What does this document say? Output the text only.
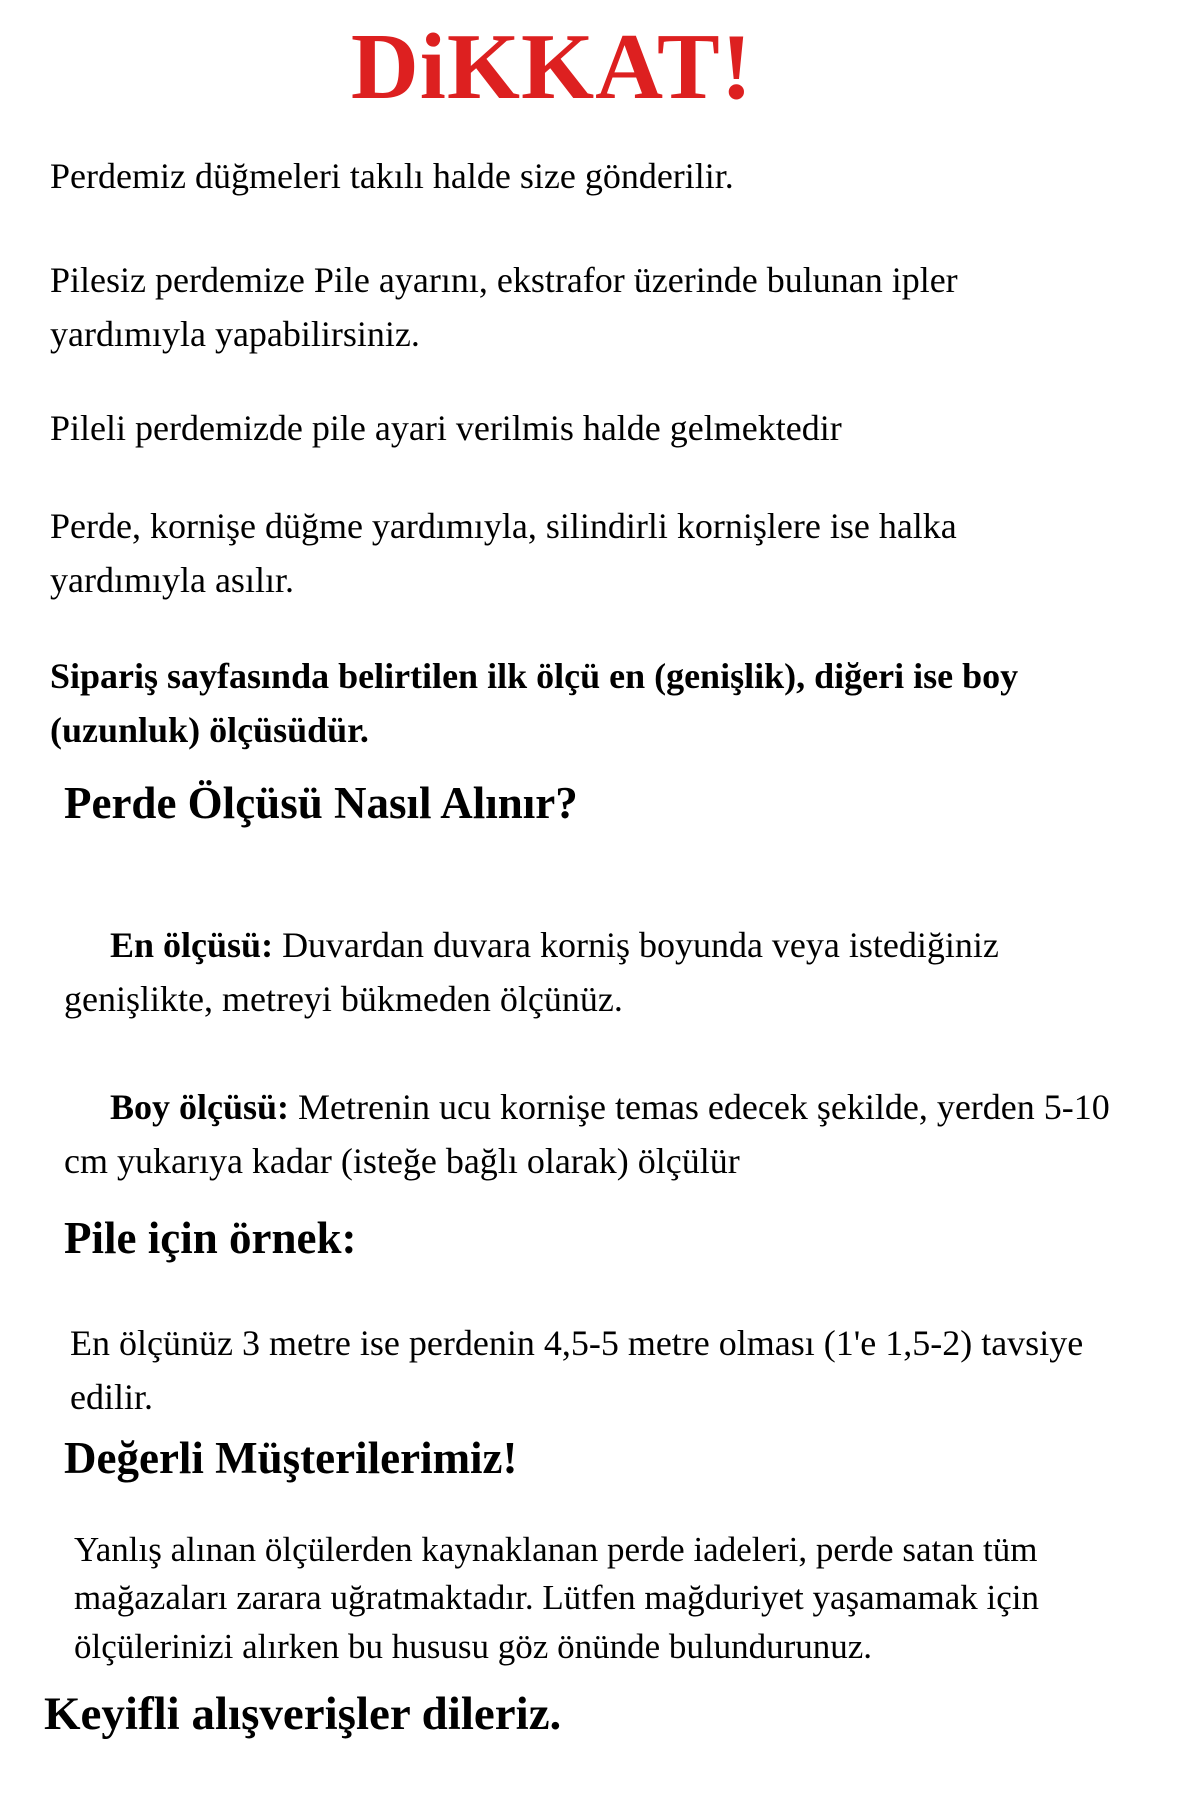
DiKKAT!

Perdemiz düğmeleri takılı halde size gönderilir.

Pilesiz perdemize Pile ayarını, ekstrafor üzerinde bulunan ipler yardımıyla yapabilirsiniz.

Pileli perdemizde pile ayari verilmis halde gelmektedir

Perde, kornişe düğme yardımıyla, silindirli kornişlere ise halka yardımıyla asılır.

Sipariş sayfasında belirtilen ilk ölçü en (genişlik), diğeri ise boy (uzunluk) ölçüsüdür.

Perde Ölçüsü Nasıl Alınır?

En ölçüsü: Duvardan duvara korniş boyunda veya istediğiniz genişlikte, metreyi bükmeden ölçünüz.

Boy ölçüsü: Metrenin ucu kornişe temas edecek şekilde, yerden 5-10 cm yukarıya kadar (isteğe bağlı olarak) ölçülür

Pile için örnek:

En ölçünüz 3 metre ise perdenin 4,5-5 metre olması (1'e 1,5-2) tavsiye edilir.

Değerli Müşterilerimiz!

Yanlış alınan ölçülerden kaynaklanan perde iadeleri, perde satan tüm mağazaları zarara uğratmaktadır. Lütfen mağduriyet yaşamamak için ölçülerinizi alırken bu hususu göz önünde bulundurunuz.

Keyifli alışverişler dileriz.
